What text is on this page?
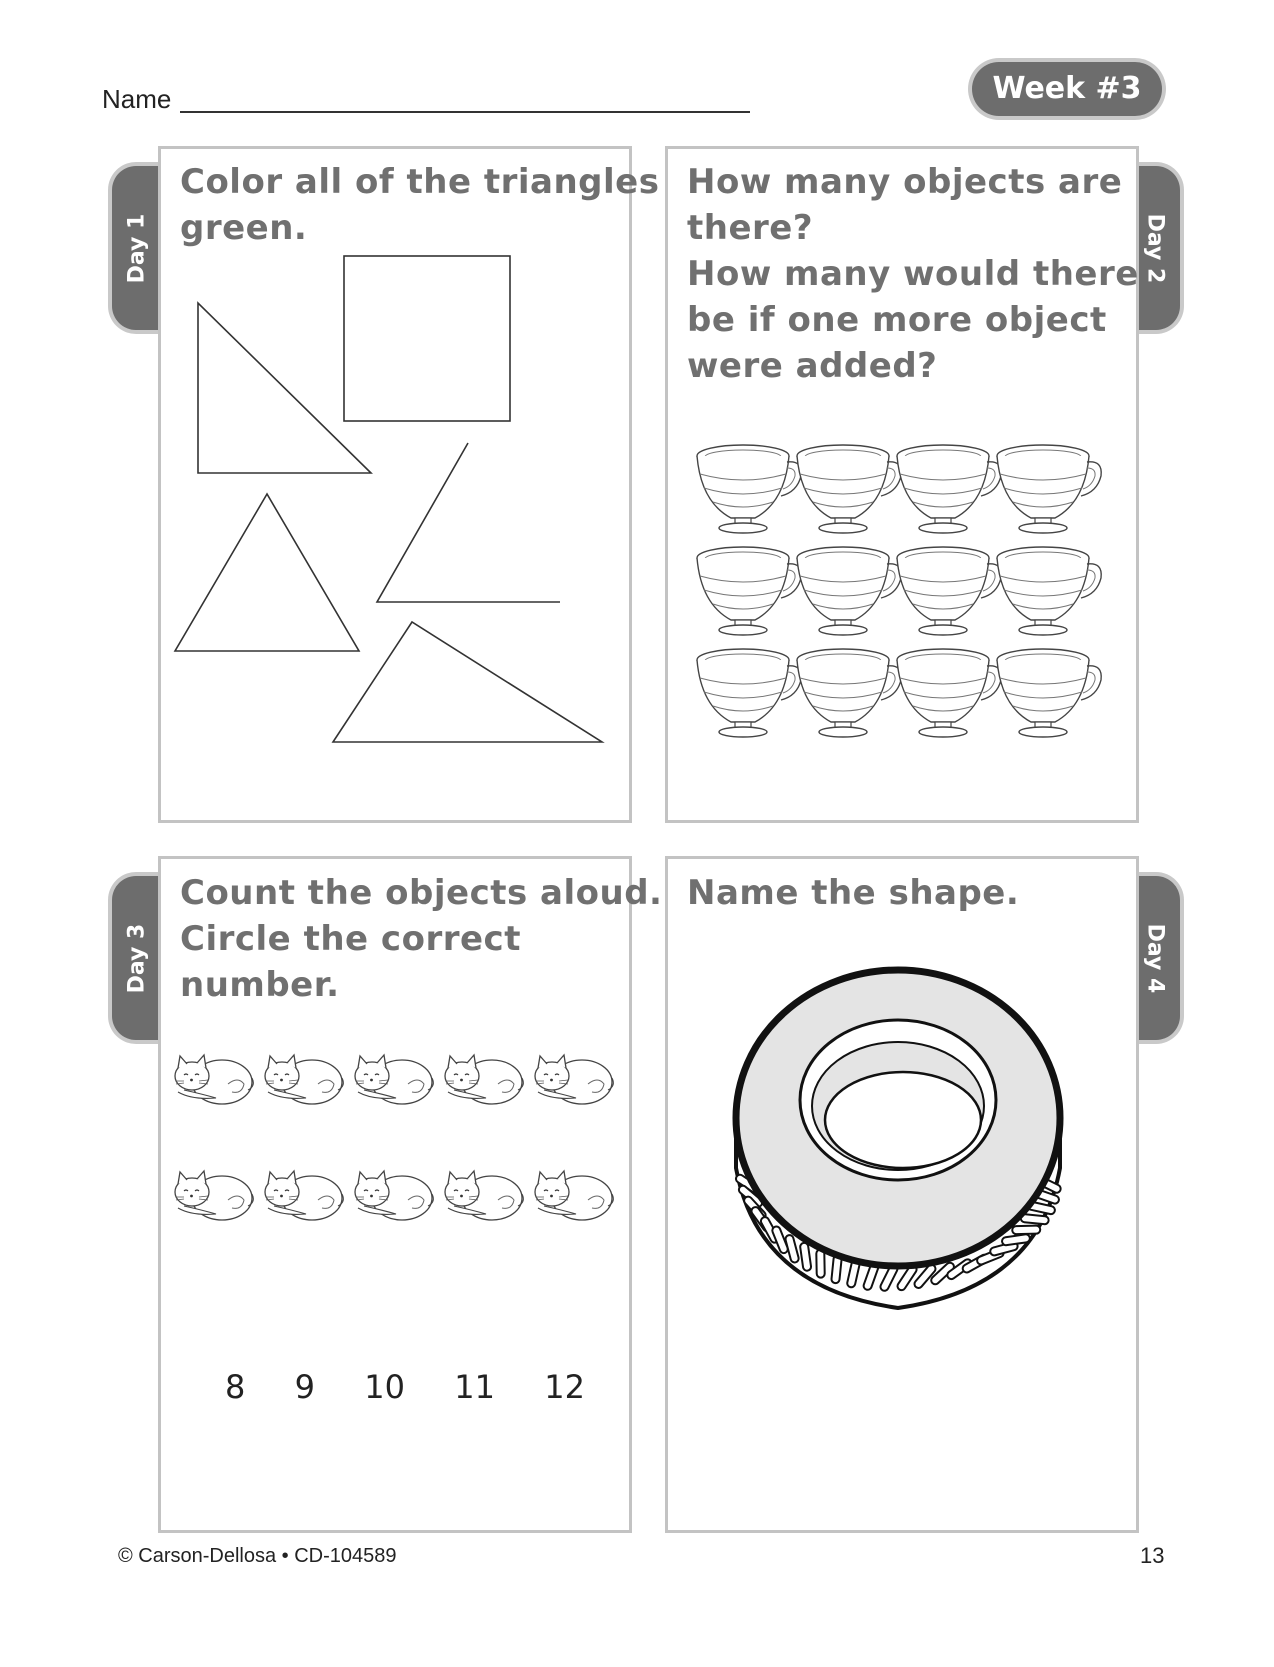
Name	Week #3
Day 1	Day 2
Day 3	Day 4
Color all of the triangles
green.
How many objects are
there?
How many would there
be if one more object
were added?
Count the objects aloud.
Circle the correct
number.
8 9 10 11 12
Name the shape.
© Carson-Dellosa • CD-104589	13
